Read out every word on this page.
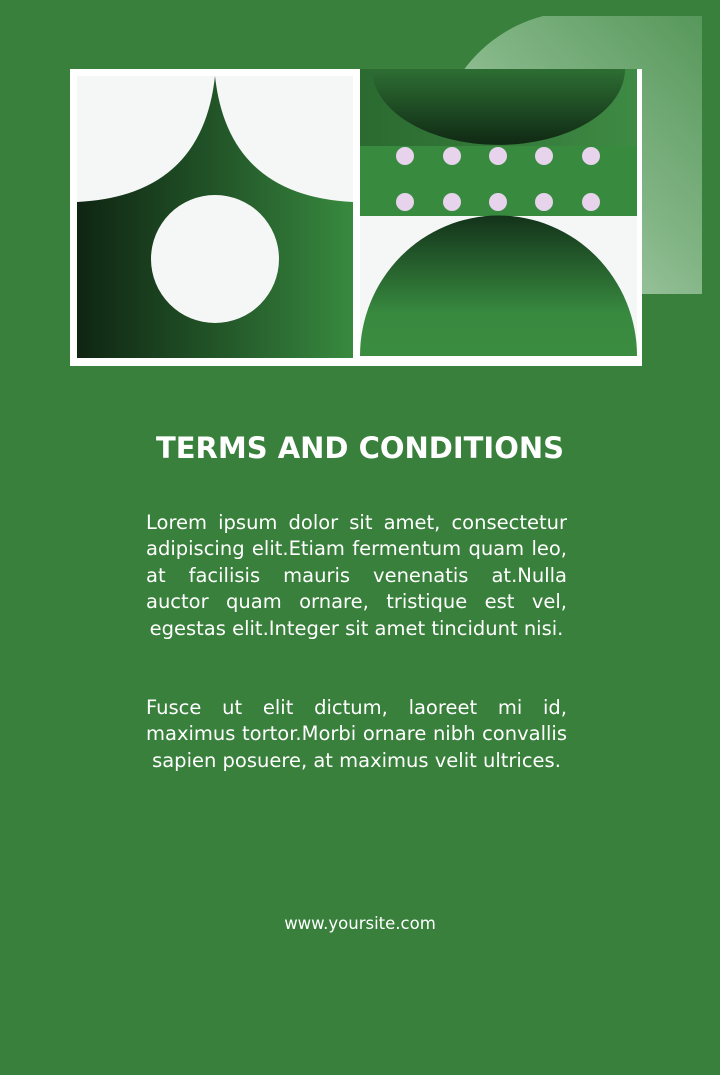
TERMS AND CONDITIONS

Lorem ipsum dolor sit amet, consectetur adipiscing elit.Etiam fermentum quam leo, at facilisis mauris venenatis at.Nulla auctor quam ornare, tristique est vel, egestas elit.Integer sit amet tincidunt nisi.

Fusce ut elit dictum, laoreet mi id, maximus tortor.Morbi ornare nibh convallis sapien posuere, at maximus velit ultrices.

www.yoursite.com
